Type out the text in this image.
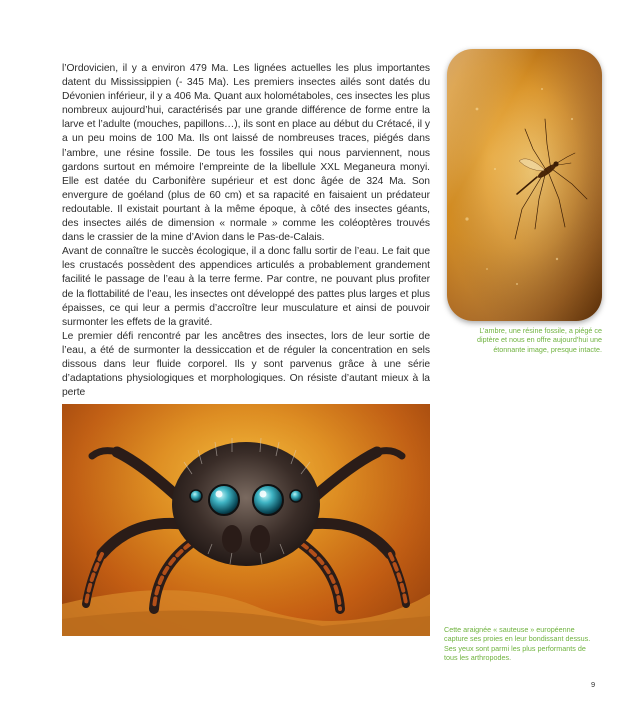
l’Ordovicien, il y a environ 479 Ma. Les lignées actuelles les plus importantes datent du Mississippien (- 345 Ma). Les premiers insectes ailés sont datés du Dévonien inférieur, il y a 406 Ma. Quant aux holométaboles, ces insectes les plus nombreux aujourd’hui, caractérisés par une grande différence de forme entre la larve et l’adulte (mouches, papillons…), ils sont en place au début du Crétacé, il y a un peu moins de 100 Ma. Ils ont laissé de nombreuses traces, piégés dans l’ambre, une résine fossile. De tous les fossiles qui nous parviennent, nous gardons surtout en mémoire l’empreinte de la libellule XXL Meganeura monyi. Elle est datée du Carbonifère supérieur et est donc âgée de 324 Ma. Son envergure de goéland (plus de 60 cm) et sa rapacité en faisaient un prédateur redoutable. Il existait pourtant à la même époque, à côté des insectes géants, des insectes ailés de dimension « normale » comme les coléoptères trouvés dans le crassier de la mine d’Avion dans le Pas-de-Calais.

Avant de connaître le succès écologique, il a donc fallu sortir de l’eau. Le fait que les crustacés possèdent des appendices articulés a probablement grandement facilité le passage de l’eau à la terre ferme. Par contre, ne pouvant plus profiter de la flottabilité de l’eau, les insectes ont développé des pattes plus larges et plus épaisses, ce qui leur a permis d’accroître leur musculature et ainsi de pouvoir surmonter les effets de la gravité.

Le premier défi rencontré par les ancêtres des insectes, lors de leur sortie de l’eau, a été de surmonter la dessiccation et de réguler la concentration en sels dissous dans leur fluide corporel. Ils y sont parvenus grâce à une série d’adaptations physiologiques et morphologiques. On résiste d’autant mieux à la perte

L’ambre, une résine fossile, a piégé ce diptère et nous en offre aujourd’hui une étonnante image, presque intacte.
Cette araignée « sauteuse » européenne capture ses proies en leur bondissant dessus. Ses yeux sont parmi les plus performants de tous les arthropodes.
9
